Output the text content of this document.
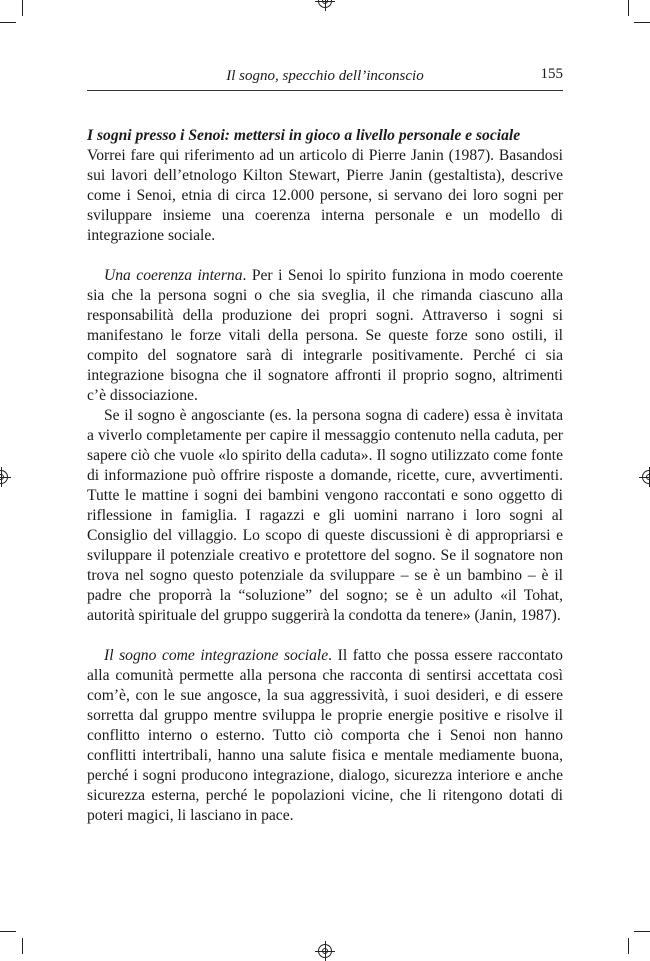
Il sogno, specchio dell’inconscio	155
I sogni presso i Senoi: mettersi in gioco a livello personale e sociale

Vorrei fare qui riferimento ad un articolo di Pierre Janin (1987). Basandosi sui lavori dell’etnologo Kilton Stewart, Pierre Janin (gestaltista), descrive come i Senoi, etnia di circa 12.000 persone, si servano dei loro sogni per sviluppare insieme una coerenza interna personale e un modello di integrazione sociale.

Una coerenza interna. Per i Senoi lo spirito funziona in modo coerente sia che la persona sogni o che sia sveglia, il che rimanda ciascuno alla responsabilità della produzione dei propri sogni. Attraverso i sogni si manifestano le forze vitali della persona. Se queste forze sono ostili, il compito del sognatore sarà di integrarle positivamente. Perché ci sia integrazione bisogna che il sognatore affronti il proprio sogno, altrimenti c’è dissociazione.

Se il sogno è angosciante (es. la persona sogna di cadere) essa è invitata a viverlo completamente per capire il messaggio contenuto nella caduta, per sapere ciò che vuole «lo spirito della caduta». Il sogno utilizzato come fonte di informazione può offrire risposte a domande, ricette, cure, avvertimenti. Tutte le mattine i sogni dei bambini vengono raccontati e sono oggetto di riflessione in famiglia. I ragazzi e gli uomini narrano i loro sogni al Consiglio del villaggio. Lo scopo di queste discussioni è di appropriarsi e sviluppare il potenziale creativo e protettore del sogno. Se il sognatore non trova nel sogno questo potenziale da sviluppare – se è un bambino – è il padre che proporrà la “soluzione” del sogno; se è un adulto «il Tohat, autorità spirituale del gruppo suggerirà la condotta da tenere» (Janin, 1987).

Il sogno come integrazione sociale. Il fatto che possa essere raccontato alla comunità permette alla persona che racconta di sentirsi accettata così com’è, con le sue angosce, la sua aggressività, i suoi desideri, e di essere sorretta dal gruppo mentre sviluppa le proprie energie positive e risolve il conflitto interno o esterno. Tutto ciò comporta che i Senoi non hanno conflitti intertribali, hanno una salute fisica e mentale mediamente buona, perché i sogni producono integrazione, dialogo, sicurezza interiore e anche sicurezza esterna, perché le popolazioni vicine, che li ritengono dotati di poteri magici, li lasciano in pace.
